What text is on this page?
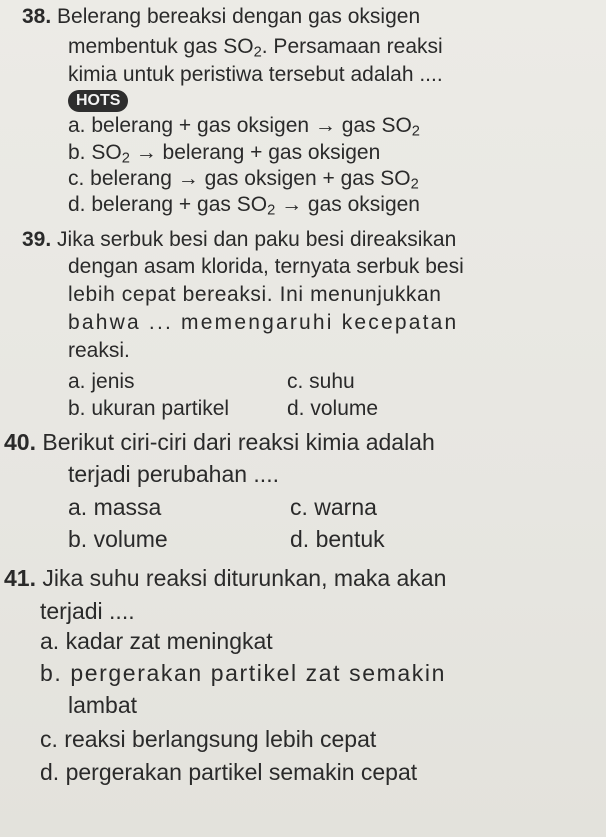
38. Belerang bereaksi dengan gas oksigen
membentuk gas $SO_2$. Persamaan reaksi
kimia untuk peristiwa tersebut adalah ....
HOTS
a. belerang + gas oksigen → gas $SO_2$
b. $SO_2$ → belerang + gas oksigen
c. belerang → gas oksigen + gas $SO_2$
d. belerang + gas $SO_2$ → gas oksigen
39. Jika serbuk besi dan paku besi direaksikan
dengan asam klorida, ternyata serbuk besi
lebih cepat bereaksi. Ini menunjukkan
bahwa ... memengaruhi kecepatan
reaksi.
a. jenis	c. suhu
b. ukuran partikel	d. volume
40. Berikut ciri-ciri dari reaksi kimia adalah
terjadi perubahan ....
a. massa	c. warna
b. volume	d. bentuk
41. Jika suhu reaksi diturunkan, maka akan
terjadi ....
a. kadar zat meningkat
b. pergerakan partikel zat semakin
lambat
c. reaksi berlangsung lebih cepat
d. pergerakan partikel semakin cepat
